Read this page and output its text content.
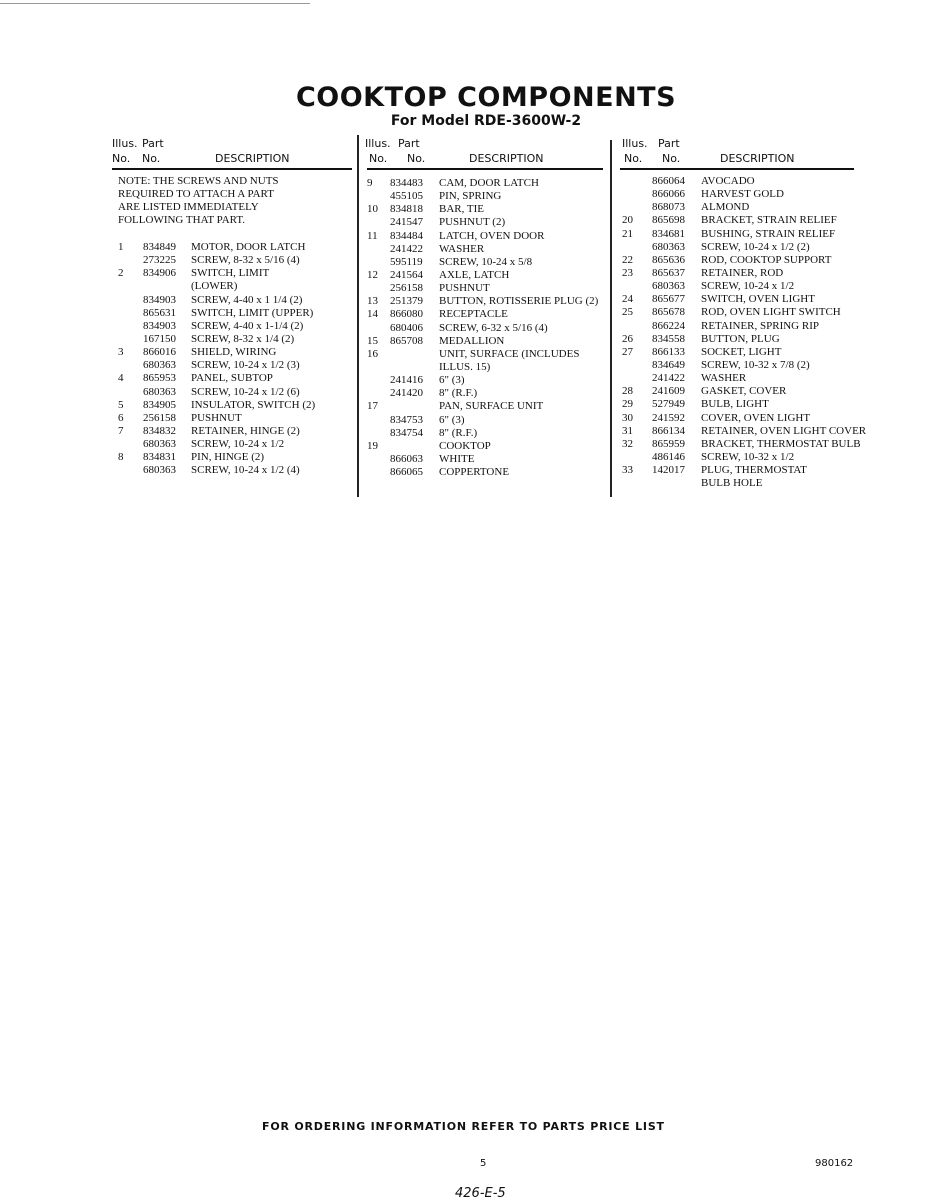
COOKTOP COMPONENTS
For Model RDE-3600W-2
Illus. Part
No. No.	DESCRIPTION
NOTE: THE SCREWS AND NUTS
REQUIRED TO ATTACH A PART
ARE LISTED IMMEDIATELY
FOLLOWING THAT PART.
1 834849 MOTOR, DOOR LATCH
273225 SCREW, 8-32 x 5/16 (4)
2 834906 SWITCH, LIMIT
(LOWER)
834903 SCREW, 4-40 x 1 1/4 (2)
865631 SWITCH, LIMIT (UPPER)
834903 SCREW, 4-40 x 1-1/4 (2)
167150 SCREW, 8-32 x 1/4 (2)
3 866016 SHIELD, WIRING
680363 SCREW, 10-24 x 1/2 (3)
4 865953 PANEL, SUBTOP
680363 SCREW, 10-24 x 1/2 (6)
5 834905 INSULATOR, SWITCH (2)
6 256158 PUSHNUT
7 834832 RETAINER, HINGE (2)
680363 SCREW, 10-24 x 1/2
8 834831 PIN, HINGE (2)
680363 SCREW, 10-24 x 1/2 (4)
Illus. Part
No. No.	DESCRIPTION
9 834483 CAM, DOOR LATCH
455105 PIN, SPRING
10 834818 BAR, TIE
241547 PUSHNUT (2)
11 834484 LATCH, OVEN DOOR
241422 WASHER
595119 SCREW, 10-24 x 5/8
12 241564 AXLE, LATCH
256158 PUSHNUT
13 251379 BUTTON, ROTISSERIE PLUG (2)
14 866080 RECEPTACLE
680406 SCREW, 6-32 x 5/16 (4)
15 865708 MEDALLION
16	UNIT, SURFACE (INCLUDES
ILLUS. 15)
241416 6" (3)
241420 8" (R.F.)
17	PAN, SURFACE UNIT
834753 6" (3)
834754 8" (R.F.)
19	COOKTOP
866063 WHITE
866065 COPPERTONE
Illus. Part
No. No.	DESCRIPTION
866064 AVOCADO
866066 HARVEST GOLD
868073 ALMOND
20 865698 BRACKET, STRAIN RELIEF
21 834681 BUSHING, STRAIN RELIEF
680363 SCREW, 10-24 x 1/2 (2)
22 865636 ROD, COOKTOP SUPPORT
23 865637 RETAINER, ROD
680363 SCREW, 10-24 x 1/2
24 865677 SWITCH, OVEN LIGHT
25 865678 ROD, OVEN LIGHT SWITCH
866224 RETAINER, SPRING RIP
26 834558 BUTTON, PLUG
27 866133 SOCKET, LIGHT
834649 SCREW, 10-32 x 7/8 (2)
241422 WASHER
28 241609 GASKET, COVER
29 527949 BULB, LIGHT
30 241592 COVER, OVEN LIGHT
31 866134 RETAINER, OVEN LIGHT COVER
32 865959 BRACKET, THERMOSTAT BULB
486146 SCREW, 10-32 x 1/2
33 142017 PLUG, THERMOSTAT
BULB HOLE
FOR ORDERING INFORMATION REFER TO PARTS PRICE LIST
5	980162
426-E-5
